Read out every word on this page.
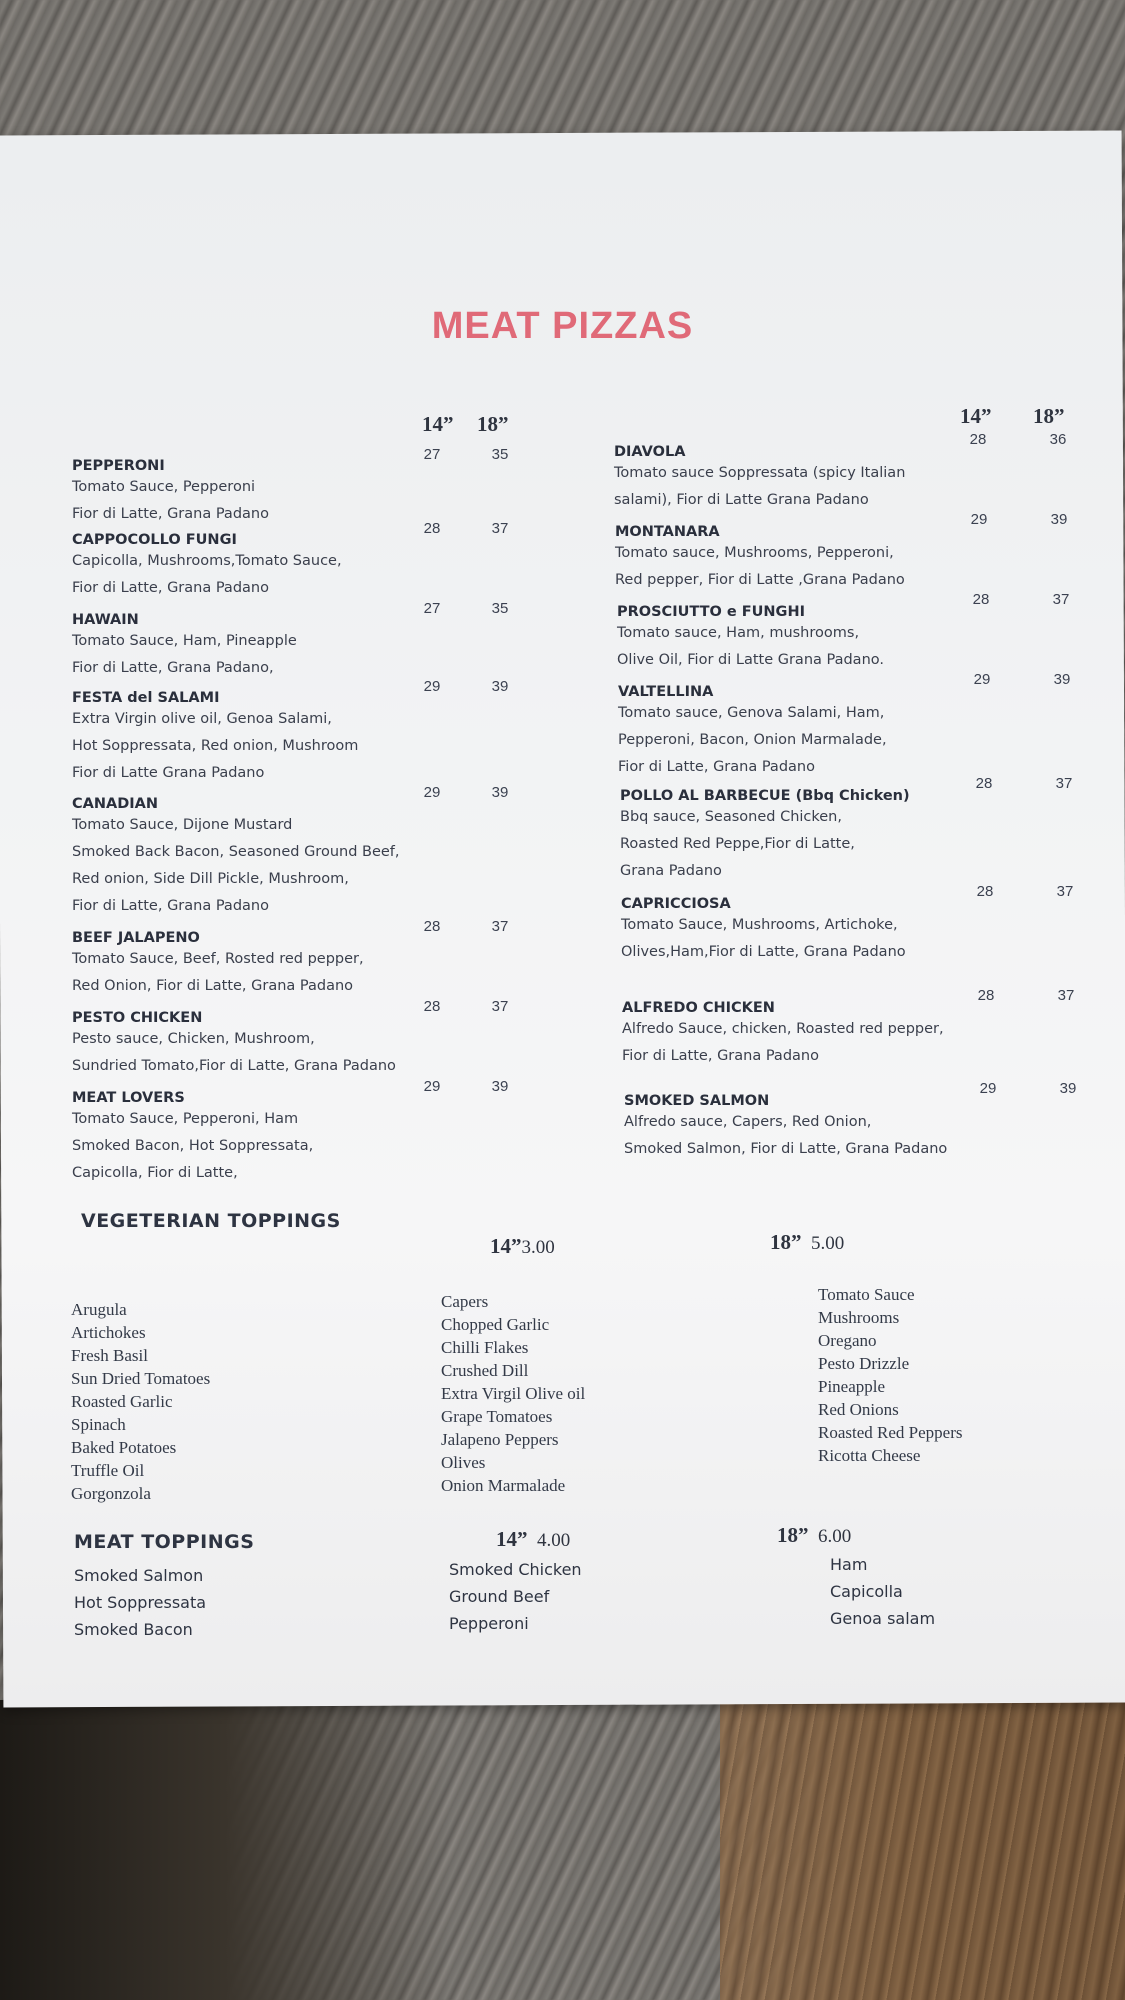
MEAT PIZZAS
14” 18”	14” 18”
PEPPERONI
Tomato Sauce, Pepperoni
Fior di Latte, Grana Padano
27	35
CAPPOCOLLO FUNGI
Capicolla, Mushrooms,Tomato Sauce,
Fior di Latte, Grana Padano
28	37
HAWAIN
Tomato Sauce, Ham, Pineapple
Fior di Latte, Grana Padano,
27	35
FESTA del SALAMI
Extra Virgin olive oil, Genoa Salami,
Hot Soppressata, Red onion, Mushroom
Fior di Latte Grana Padano
29	39
CANADIAN
Tomato Sauce, Dijone Mustard
Smoked Back Bacon, Seasoned Ground Beef,
Red onion, Side Dill Pickle, Mushroom,
Fior di Latte, Grana Padano
29	39
BEEF JALAPENO
Tomato Sauce, Beef, Rosted red pepper,
Red Onion, Fior di Latte, Grana Padano
28	37
PESTO CHICKEN
Pesto sauce, Chicken, Mushroom,
Sundried Tomato,Fior di Latte, Grana Padano
28	37
MEAT LOVERS
Tomato Sauce, Pepperoni, Ham
Smoked Bacon, Hot Soppressata,
Capicolla, Fior di Latte,
29	39
DIAVOLA
Tomato sauce Soppressata (spicy Italian
salami), Fior di Latte Grana Padano
28	36
MONTANARA
Tomato sauce, Mushrooms, Pepperoni,
Red pepper, Fior di Latte ,Grana Padano
29	39
PROSCIUTTO e FUNGHI
Tomato sauce, Ham, mushrooms,
Olive Oil, Fior di Latte Grana Padano.
28	37
VALTELLINA
Tomato sauce, Genova Salami, Ham,
Pepperoni, Bacon, Onion Marmalade,
Fior di Latte, Grana Padano
29	39
POLLO AL BARBECUE (Bbq Chicken)
Bbq sauce, Seasoned Chicken,
Roasted Red Peppe,Fior di Latte,
Grana Padano
28	37
CAPRICCIOSA
Tomato Sauce, Mushrooms, Artichoke,
Olives,Ham,Fior di Latte, Grana Padano
28	37
ALFREDO CHICKEN
Alfredo Sauce, chicken, Roasted red pepper,
Fior di Latte, Grana Padano
28	37
SMOKED SALMON
Alfredo sauce, Capers, Red Onion,
Smoked Salmon, Fior di Latte, Grana Padano
29	39
VEGETERIAN TOPPINGS
14”3.00	18” 5.00
Arugula
Artichokes
Fresh Basil
Sun Dried Tomatoes
Roasted Garlic
Spinach
Baked Potatoes
Truffle Oil
Gorgonzola
Capers
Chopped Garlic
Chilli Flakes
Crushed Dill
Extra Virgil Olive oil
Grape Tomatoes
Jalapeno Peppers
Olives
Onion Marmalade
Tomato Sauce
Mushrooms
Oregano
Pesto Drizzle
Pineapple
Red Onions
Roasted Red Peppers
Ricotta Cheese
MEAT TOPPINGS	14” 4.00	18” 6.00
Smoked Salmon
Hot Soppressata
Smoked Bacon
Smoked Chicken
Ground Beef
Pepperoni
Ham
Capicolla
Genoa salam
